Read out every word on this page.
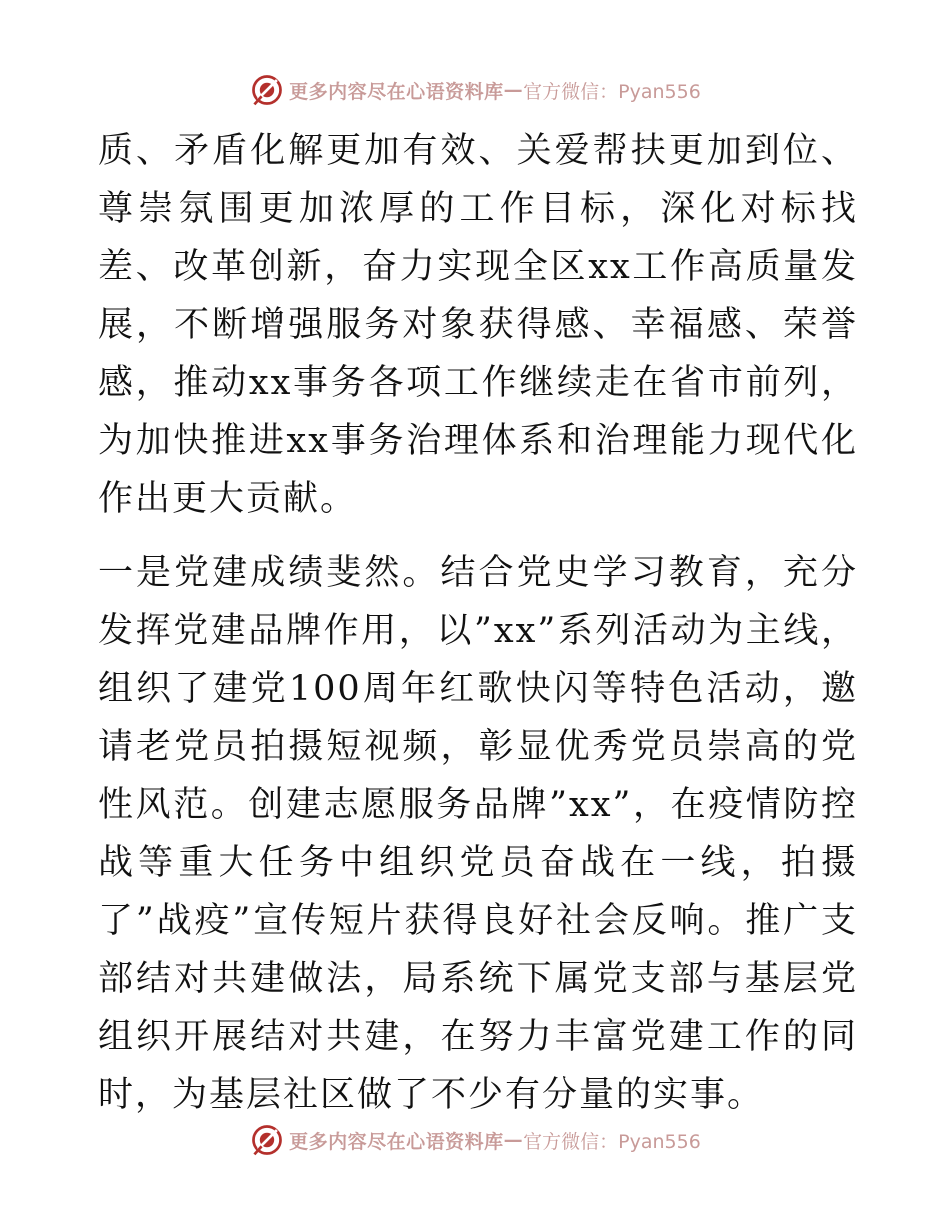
更多内容尽在心语资料库 — 官方微信：Pyan556

质、矛盾化解更加有效、关爱帮扶更加到位、尊崇氛围更加浓厚的工作目标，深化对标找差、改革创新，奋力实现全区xx工作高质量发展，不断增强服务对象获得感、幸福感、荣誉感，推动xx事务各项工作继续走在省市前列，为加快推进xx事务治理体系和治理能力现代化作出更大贡献。

一是党建成绩斐然。结合党史学习教育，充分发挥党建品牌作用，以”xx”系列活动为主线，组织了建党100周年红歌快闪等特色活动，邀请老党员拍摄短视频，彰显优秀党员崇高的党性风范。创建志愿服务品牌”xx”，在疫情防控战等重大任务中组织党员奋战在一线，拍摄了”战疫”宣传短片获得良好社会反响。推广支部结对共建做法，局系统下属党支部与基层党组织开展结对共建，在努力丰富党建工作的同时，为基层社区做了不少有分量的实事。

更多内容尽在心语资料库 — 官方微信：Pyan556
